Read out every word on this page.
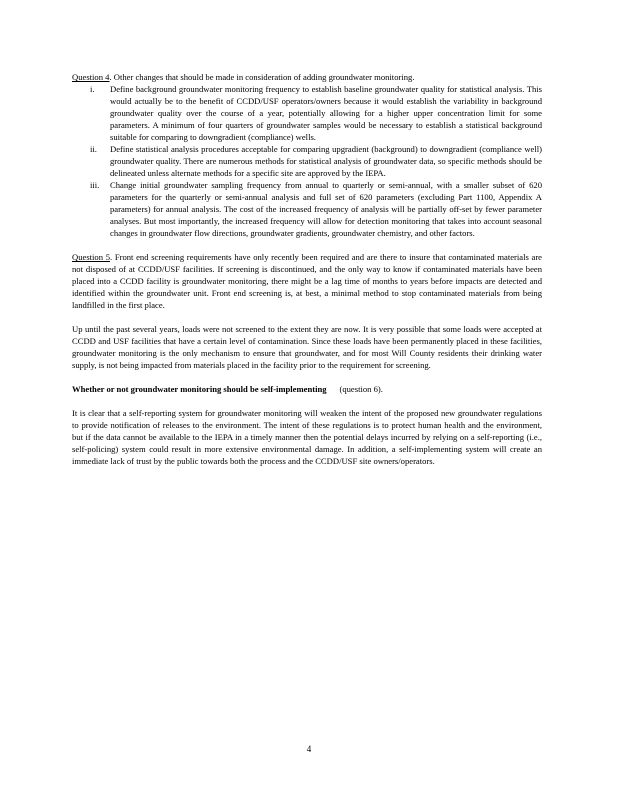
Question 4. Other changes that should be made in consideration of adding groundwater monitoring.

i.	Define background groundwater monitoring frequency to establish baseline groundwater quality for statistical analysis. This would actually be to the benefit of CCDD/USF operators/owners because it would establish the variability in background groundwater quality over the course of a year, potentially allowing for a higher upper concentration limit for some parameters. A minimum of four quarters of groundwater samples would be necessary to establish a statistical background suitable for comparing to downgradient (compliance) wells.
ii.	Define statistical analysis procedures acceptable for comparing upgradient (background) to downgradient (compliance well) groundwater quality. There are numerous methods for statistical analysis of groundwater data, so specific methods should be delineated unless alternate methods for a specific site are approved by the IEPA.
iii.	Change initial groundwater sampling frequency from annual to quarterly or semi-annual, with a smaller subset of 620 parameters for the quarterly or semi-annual analysis and full set of 620 parameters (excluding Part 1100, Appendix A parameters) for annual analysis. The cost of the increased frequency of analysis will be partially off-set by fewer parameter analyses. But most importantly, the increased frequency will allow for detection monitoring that takes into account seasonal changes in groundwater flow directions, groundwater gradients, groundwater chemistry, and other factors.

Question 5. Front end screening requirements have only recently been required and are there to insure that contaminated materials are not disposed of at CCDD/USF facilities. If screening is discontinued, and the only way to know if contaminated materials have been placed into a CCDD facility is groundwater monitoring, there might be a lag time of months to years before impacts are detected and identified within the groundwater unit. Front end screening is, at best, a minimal method to stop contaminated materials from being landfilled in the first place.

Up until the past several years, loads were not screened to the extent they are now. It is very possible that some loads were accepted at CCDD and USF facilities that have a certain level of contamination. Since these loads have been permanently placed in these facilities, groundwater monitoring is the only mechanism to ensure that groundwater, and for most Will County residents their drinking water supply, is not being impacted from materials placed in the facility prior to the requirement for screening.

Whether or not groundwater monitoring should be self-implementing (question 6).

It is clear that a self-reporting system for groundwater monitoring will weaken the intent of the proposed new groundwater regulations to provide notification of releases to the environment. The intent of these regulations is to protect human health and the environment, but if the data cannot be available to the IEPA in a timely manner then the potential delays incurred by relying on a self-reporting (i.e., self-policing) system could result in more extensive environmental damage. In addition, a self-implementing system will create an immediate lack of trust by the public towards both the process and the CCDD/USF site owners/operators.

4
